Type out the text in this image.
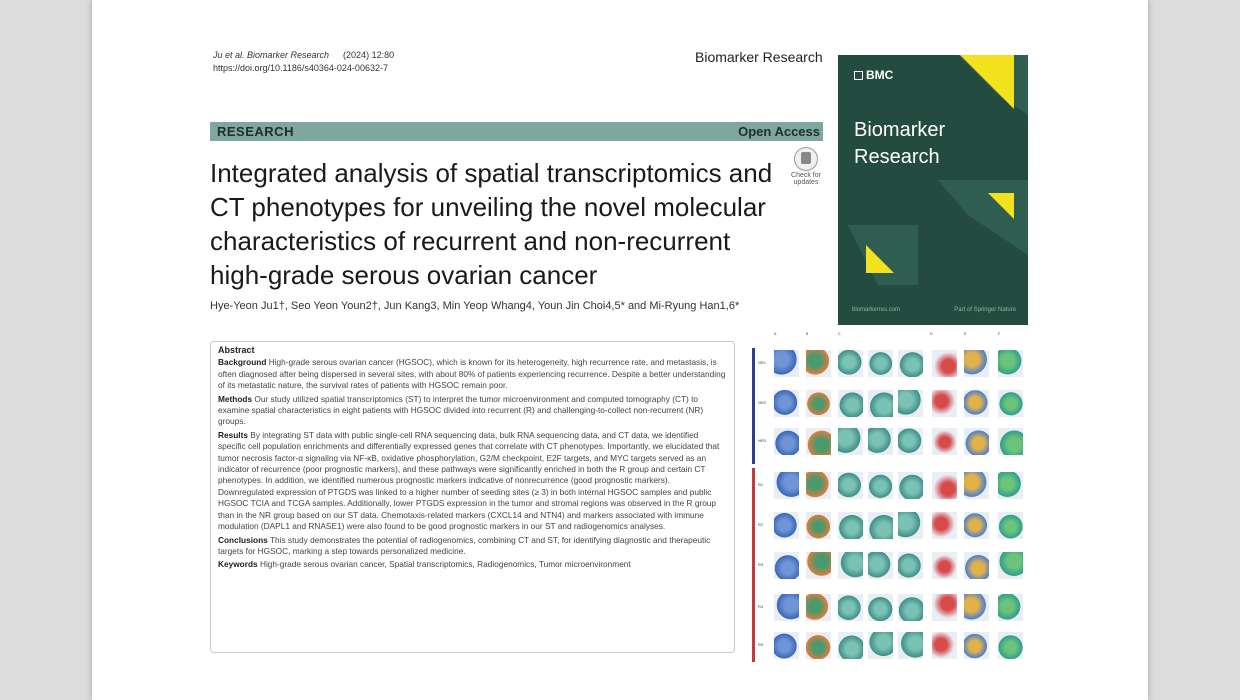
Ju et al. Biomarker Research (2024) 12:80
https://doi.org/10.1186/s40364-024-00632-7
Biomarker Research
RESEARCH	Open Access
Integrated analysis of spatial transcriptomics and CT phenotypes for unveiling the novel molecular characteristics of recurrent and non-recurrent high-grade serous ovarian cancer
Check for updates
Hye-Yeon Ju1†, Seo Yeon Youn2†, Jun Kang3, Min Yeop Whang4, Youn Jin Choi4,5* and Mi-Ryung Han1,6*
BMC
Biomarker
Research
biomarkerres.com	Part of Springer Nature
Abstract

Background High-grade serous ovarian cancer (HGSOC), which is known for its heterogeneity, high recurrence rate, and metastasis, is often diagnosed after being dispersed in several sites, with about 80% of patients experiencing recurrence. Despite a better understanding of its metastatic nature, the survival rates of patients with HGSOC remain poor.

Methods Our study utilized spatial transcriptomics (ST) to interpret the tumor microenvironment and computed tomography (CT) to examine spatial characteristics in eight patients with HGSOC divided into recurrent (R) and challenging-to-collect non-recurrent (NR) groups.

Results By integrating ST data with public single-cell RNA sequencing data, bulk RNA sequencing data, and CT data, we identified specific cell population enrichments and differentially expressed genes that correlate with CT phenotypes. Importantly, we elucidated that tumor necrosis factor-α signaling via NF-κB, oxidative phosphorylation, G2/M checkpoint, E2F targets, and MYC targets served as an indicator of recurrence (poor prognostic markers), and these pathways were significantly enriched in both the R group and certain CT phenotypes. In addition, we identified numerous prognostic markers indicative of nonrecurrence (good prognostic markers). Downregulated expression of PTGDS was linked to a higher number of seeding sites (≥ 3) in both internal HGSOC samples and public HGSOC TCIA and TCGA samples. Additionally, lower PTGDS expression in the tumor and stromal regions was observed in the R group than in the NR group based on our ST data. Chemotaxis-related markers (CXCL14 and NTN4) and markers associated with immune modulation (DAPL1 and RNASE1) were also found to be good prognostic markers in our ST and radiogenomics analyses.

Conclusions This study demonstrates the potential of radiogenomics, combining CT and ST, for identifying diagnostic and therapeutic targets for HGSOC, marking a step towards personalized medicine.

Keywords High-grade serous ovarian cancer, Spatial transcriptomics, Radiogenomics, Tumor microenvironment

A	B	C	D	E	F
NR1
NR2
NR3
R1
R2
R3
R4
R5
